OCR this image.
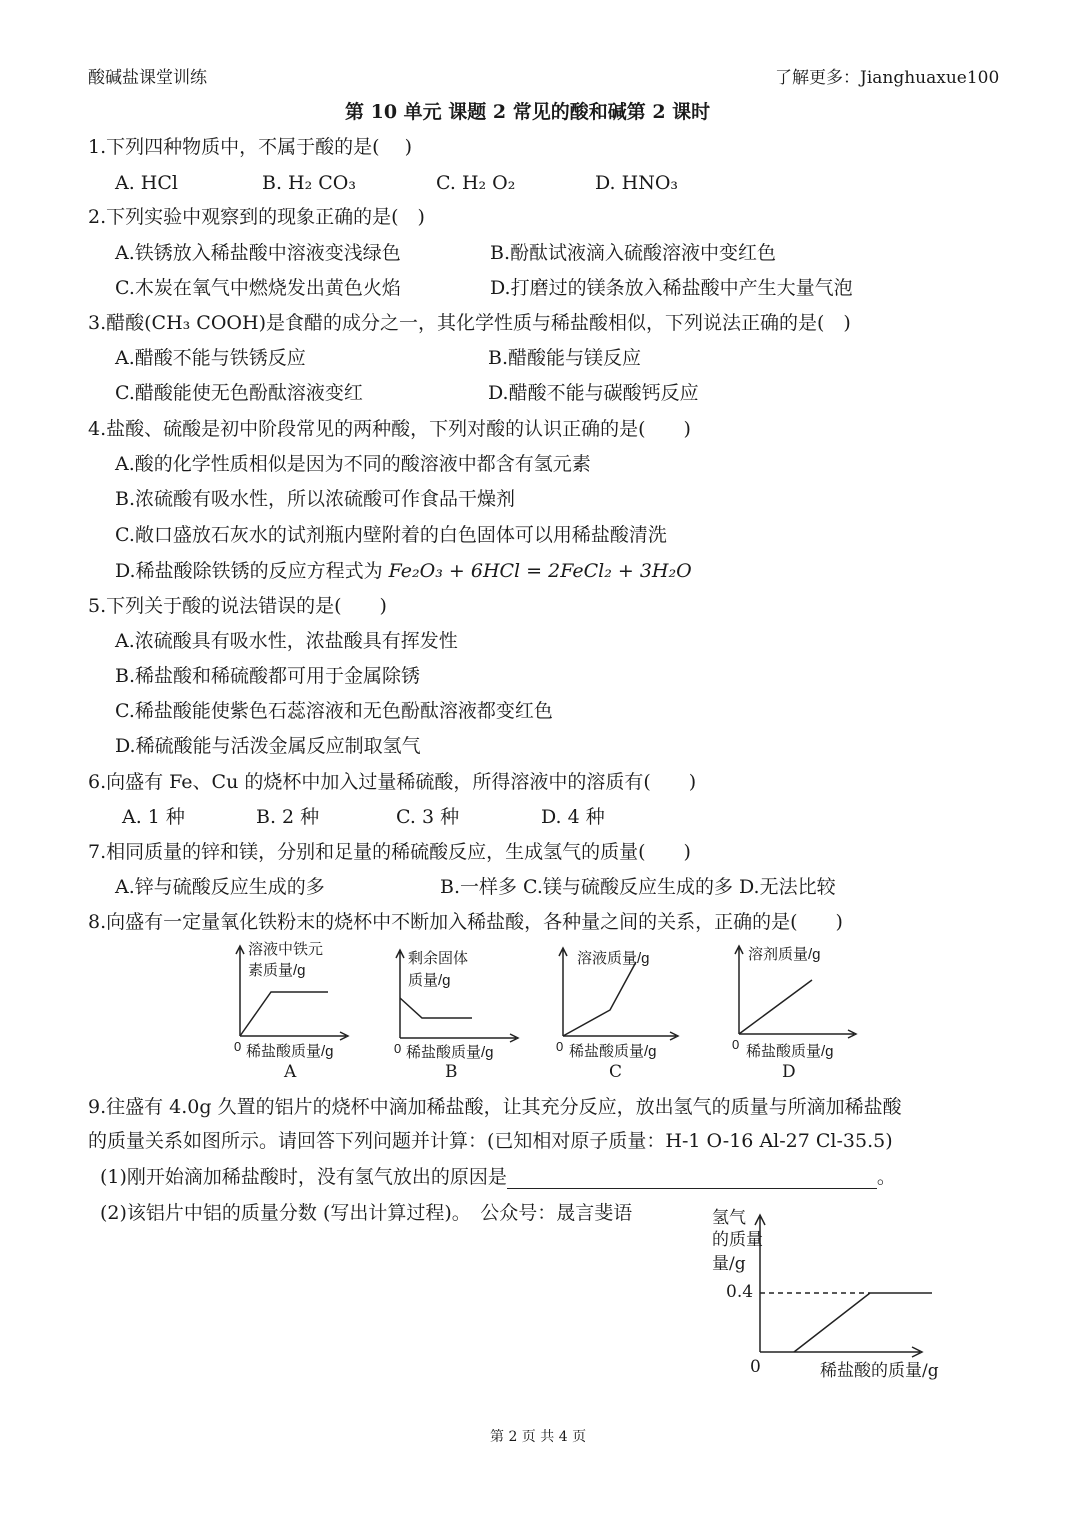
酸碱盐课堂训练	了解更多：Jianghuaxue100
第 10 单元 课题 2 常见的酸和碱第 2 课时
1.下列四种物质中，不属于酸的是(　 )
A. HCl	B. H₂ CO₃	C. H₂ O₂	D. HNO₃
2.下列实验中观察到的现象正确的是(　)
A.铁锈放入稀盐酸中溶液变浅绿色	B.酚酞试液滴入硫酸溶液中变红色
C.木炭在氧气中燃烧发出黄色火焰	D.打磨过的镁条放入稀盐酸中产生大量气泡
3.醋酸(CH₃ COOH)是食醋的成分之一，其化学性质与稀盐酸相似，下列说法正确的是(　)
A.醋酸不能与铁锈反应	B.醋酸能与镁反应
C.醋酸能使无色酚酞溶液变红	D.醋酸不能与碳酸钙反应
4.盐酸、硫酸是初中阶段常见的两种酸，下列对酸的认识正确的是(　　)
A.酸的化学性质相似是因为不同的酸溶液中都含有氢元素
B.浓硫酸有吸水性，所以浓硫酸可作食品干燥剂
C.敞口盛放石灰水的试剂瓶内壁附着的白色固体可以用稀盐酸清洗
D.稀盐酸除铁锈的反应方程式为 Fe₂O₃ + 6HCl = 2FeCl₂ + 3H₂O
5.下列关于酸的说法错误的是(　　)
A.浓硫酸具有吸水性，浓盐酸具有挥发性
B.稀盐酸和稀硫酸都可用于金属除锈
C.稀盐酸能使紫色石蕊溶液和无色酚酞溶液都变红色
D.稀硫酸能与活泼金属反应制取氢气
6.向盛有 Fe、Cu 的烧杯中加入过量稀硫酸，所得溶液中的溶质有(　　)
A. 1 种	B. 2 种	C. 3 种	D. 4 种
7.相同质量的锌和镁，分别和足量的稀硫酸反应，生成氢气的质量(　　)
A.锌与硫酸反应生成的多	B.一样多 C.镁与硫酸反应生成的多 D.无法比较
8.向盛有一定量氧化铁粉末的烧杯中不断加入稀盐酸，各种量之间的关系，正确的是(　　)
溶液中铁元
素质量/g
0 稀盐酸质量/g
A
剩余固体
质量/g
0 稀盐酸质量/g
B
溶液质量/g
0 稀盐酸质量/g
C
溶剂质量/g
0 稀盐酸质量/g
D
9.往盛有 4.0g 久置的铝片的烧杯中滴加稀盐酸，让其充分反应，放出氢气的质量与所滴加稀盐酸
的质量关系如图所示。请回答下列问题并计算：(已知相对原子质量：H-1 O-16 Al-27 Cl-35.5)
(1)刚开始滴加稀盐酸时，没有氢气放出的原因是	。
(2)该铝片中铝的质量分数 (写出计算过程)。　公众号：晟言斐语	氢气
的质量
量/g
0.4
0	稀盐酸的质量/g
第 2 页 共 4 页
